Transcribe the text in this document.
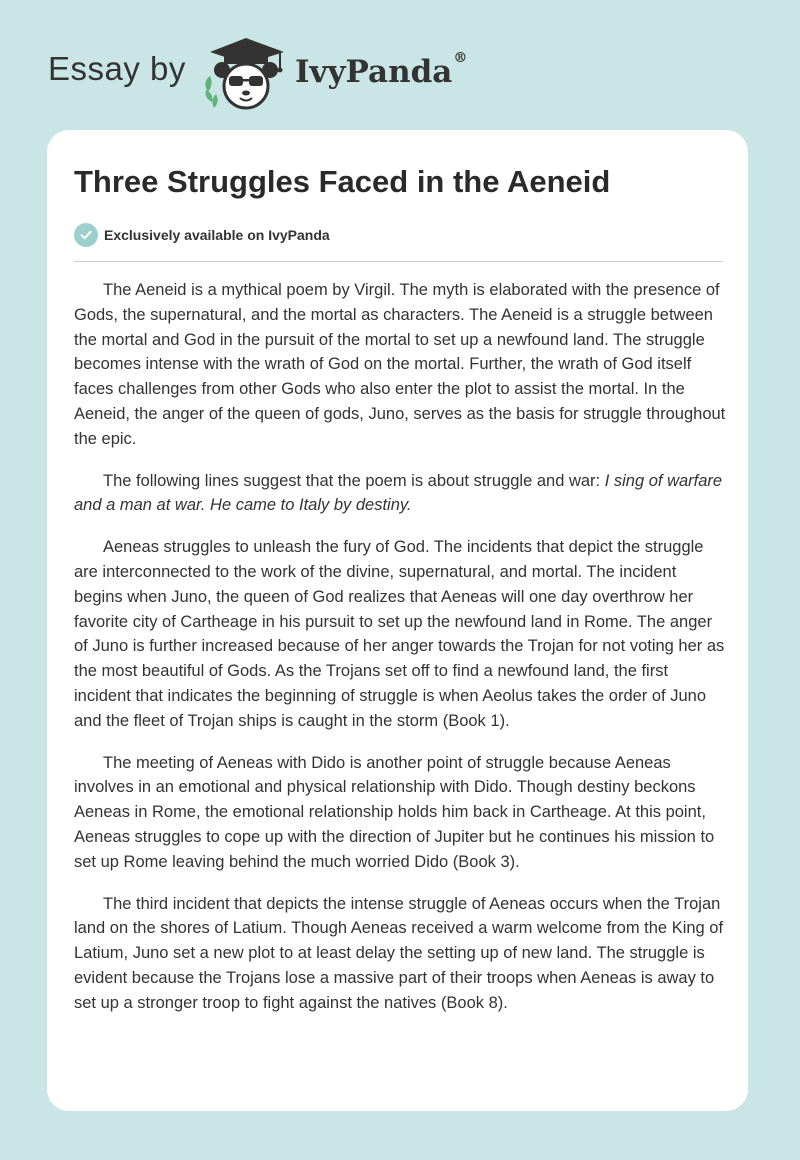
Essay by	IvyPanda®
Three Struggles Faced in the Aeneid
Exclusively available on IvyPanda

The Aeneid is a mythical poem by Virgil. The myth is elaborated with the presence of Gods, the supernatural, and the mortal as characters. The Aeneid is a struggle between the mortal and God in the pursuit of the mortal to set up a newfound land. The struggle becomes intense with the wrath of God on the mortal. Further, the wrath of God itself faces challenges from other Gods who also enter the plot to assist the mortal. In the Aeneid, the anger of the queen of gods, Juno, serves as the basis for struggle throughout the epic.

The following lines suggest that the poem is about struggle and war: I sing of warfare and a man at war. He came to Italy by destiny.

Aeneas struggles to unleash the fury of God. The incidents that depict the struggle are interconnected to the work of the divine, supernatural, and mortal. The incident begins when Juno, the queen of God realizes that Aeneas will one day overthrow her favorite city of Cartheage in his pursuit to set up the newfound land in Rome. The anger of Juno is further increased because of her anger towards the Trojan for not voting her as the most beautiful of Gods. As the Trojans set off to find a newfound land, the first incident that indicates the beginning of struggle is when Aeolus takes the order of Juno and the fleet of Trojan ships is caught in the storm (Book 1).

The meeting of Aeneas with Dido is another point of struggle because Aeneas involves in an emotional and physical relationship with Dido. Though destiny beckons Aeneas in Rome, the emotional relationship holds him back in Cartheage. At this point, Aeneas struggles to cope up with the direction of Jupiter but he continues his mission to set up Rome leaving behind the much worried Dido (Book 3).

The third incident that depicts the intense struggle of Aeneas occurs when the Trojan land on the shores of Latium. Though Aeneas received a warm welcome from the King of Latium, Juno set a new plot to at least delay the setting up of new land. The struggle is evident because the Trojans lose a massive part of their troops when Aeneas is away to set up a stronger troop to fight against the natives (Book 8).
